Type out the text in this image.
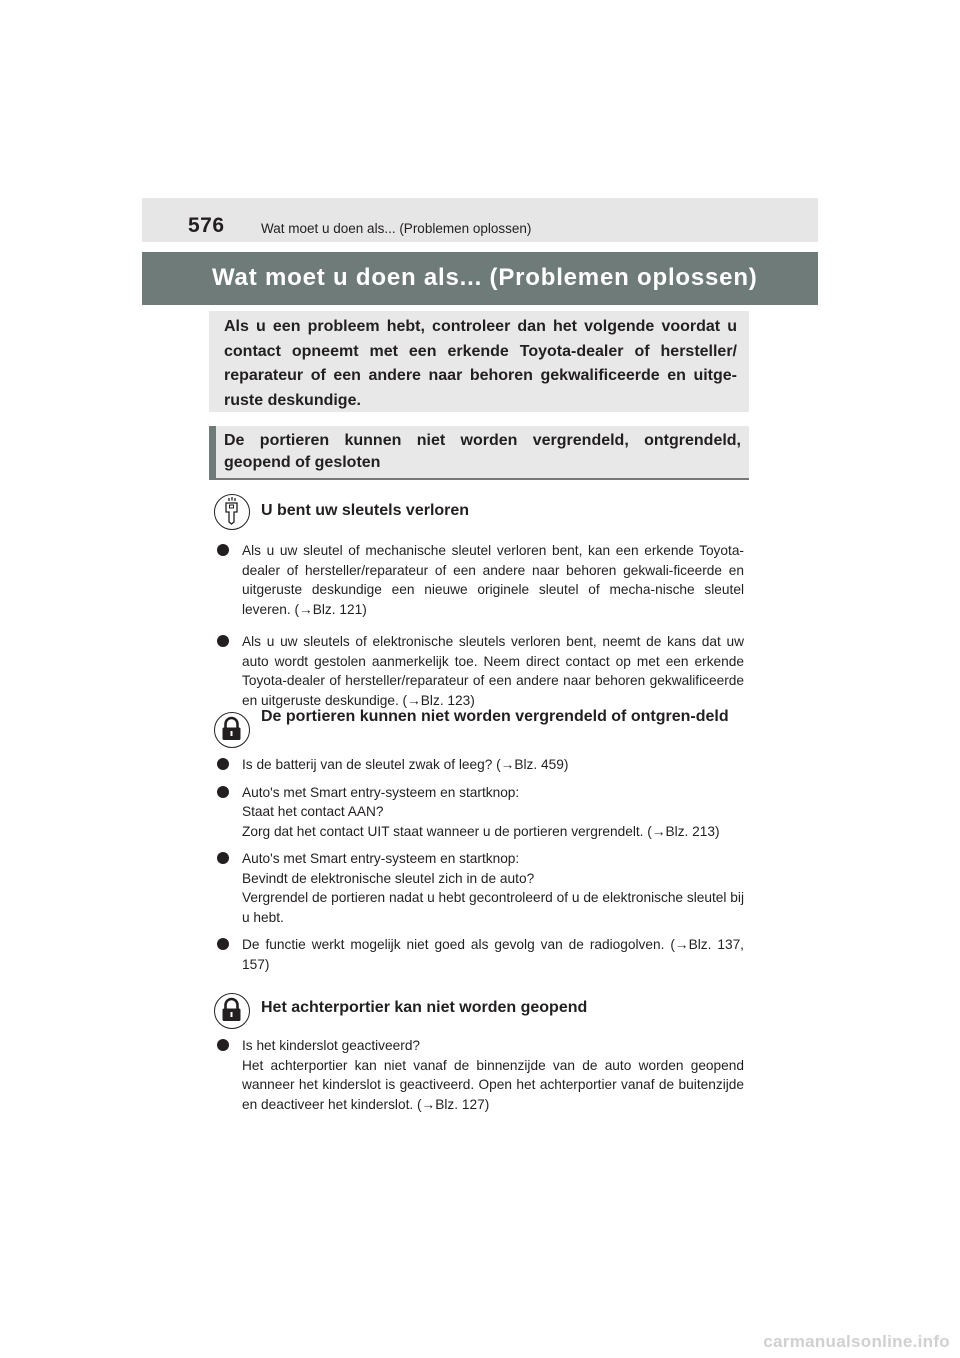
576	Wat moet u doen als... (Problemen oplossen)
Wat moet u doen als... (Problemen oplossen)

Als u een probleem hebt, controleer dan het volgende voordat u contact opneemt met een erkende Toyota-dealer of hersteller/ reparateur of een andere naar behoren gekwalificeerde en uitge-ruste deskundige.

De portieren kunnen niet worden vergrendeld, ontgrendeld, geopend of gesloten

U bent uw sleutels verloren
Als u uw sleutel of mechanische sleutel verloren bent, kan een erkende Toyota-dealer of hersteller/reparateur of een andere naar behoren gekwali-ficeerde en uitgeruste deskundige een nieuwe originele sleutel of mecha-nische sleutel leveren. (→Blz. 121)
Als u uw sleutels of elektronische sleutels verloren bent, neemt de kans dat uw auto wordt gestolen aanmerkelijk toe. Neem direct contact op met een erkende Toyota-dealer of hersteller/reparateur of een andere naar behoren gekwalificeerde en uitgeruste deskundige. (→Blz. 123)
De portieren kunnen niet worden vergrendeld of ontgren-deld
Is de batterij van de sleutel zwak of leeg? (→Blz. 459)
Auto's met Smart entry-systeem en startknop:
Staat het contact AAN?
Zorg dat het contact UIT staat wanneer u de portieren vergrendelt. (→Blz. 213)
Auto's met Smart entry-systeem en startknop:
Bevindt de elektronische sleutel zich in de auto?
Vergrendel de portieren nadat u hebt gecontroleerd of u de elektronische sleutel bij u hebt.
De functie werkt mogelijk niet goed als gevolg van de radiogolven. (→Blz. 137, 157)
Het achterportier kan niet worden geopend
Is het kinderslot geactiveerd?
Het achterportier kan niet vanaf de binnenzijde van de auto worden geopend wanneer het kinderslot is geactiveerd. Open het achterportier vanaf de buitenzijde en deactiveer het kinderslot. (→Blz. 127)
carmanualsonline.info
